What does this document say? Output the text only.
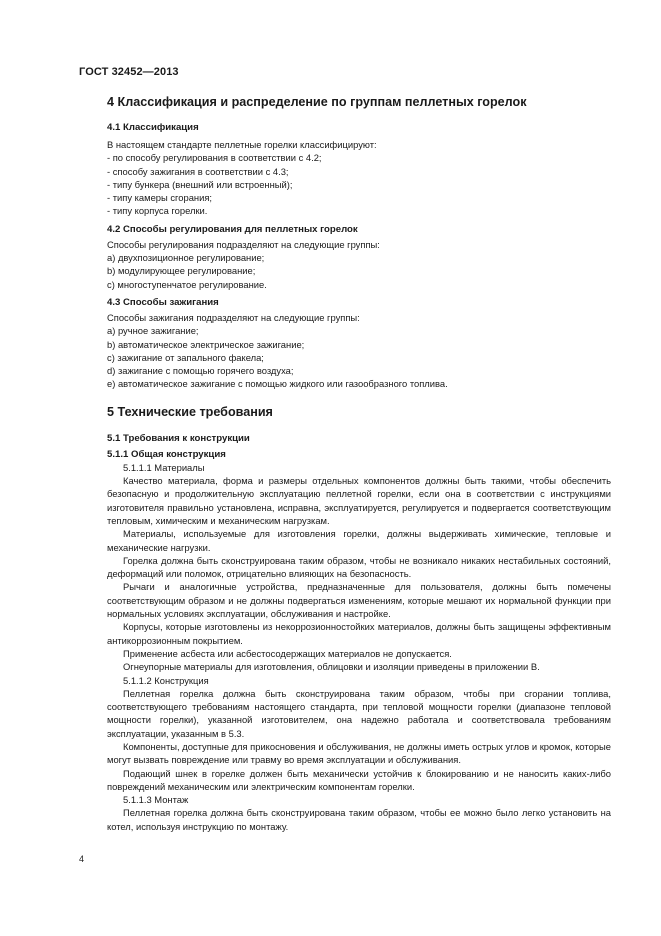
ГОСТ 32452—2013
4 Классификация и распределение по группам пеллетных горелок
4.1 Классификация

В настоящем стандарте пеллетные горелки классифицируют:

- по способу регулирования в соответствии с 4.2;

- способу зажигания в соответствии с 4.3;

- типу бункера (внешний или встроенный);

- типу камеры сгорания;

- типу корпуса горелки.

4.2 Способы регулирования для пеллетных горелок

Способы регулирования подразделяют на следующие группы:

a) двухпозиционное регулирование;

b) модулирующее регулирование;

c) многоступенчатое регулирование.

4.3 Способы зажигания

Способы зажигания подразделяют на следующие группы:

a) ручное зажигание;

b) автоматическое электрическое зажигание;

c) зажигание от запального факела;

d) зажигание с помощью горячего воздуха;

e) автоматическое зажигание с помощью жидкого или газообразного топлива.

5 Технические требования
5.1 Требования к конструкции
5.1.1 Общая конструкция

5.1.1.1 Материалы

Качество материала, форма и размеры отдельных компонентов должны быть такими, чтобы обеспечить безопасную и продолжительную эксплуатацию пеллетной горелки, если она в соответствии с инструкциями изготовителя правильно установлена, исправна, эксплуатируется, регулируется и подвергается соответствующим тепловым, химическим и механическим нагрузкам.

Материалы, используемые для изготовления горелки, должны выдерживать химические, тепловые и механические нагрузки.

Горелка должна быть сконструирована таким образом, чтобы не возникало никаких нестабильных состояний, деформаций или поломок, отрицательно влияющих на безопасность.

Рычаги и аналогичные устройства, предназначенные для пользователя, должны быть помечены соответствующим образом и не должны подвергаться изменениям, которые мешают их нормальной функции при нормальных условиях эксплуатации, обслуживания и настройке.

Корпусы, которые изготовлены из некоррозионностойких материалов, должны быть защищены эффективным антикоррозионным покрытием.

Применение асбеста или асбестосодержащих материалов не допускается.

Огнеупорные материалы для изготовления, облицовки и изоляции приведены в приложении В.

5.1.1.2 Конструкция

Пеллетная горелка должна быть сконструирована таким образом, чтобы при сгорании топлива, соответствующего требованиям настоящего стандарта, при тепловой мощности горелки (диапазоне тепловой мощности горелки), указанной изготовителем, она надежно работала и соответствовала требованиям эксплуатации, указанным в 5.3.

Компоненты, доступные для прикосновения и обслуживания, не должны иметь острых углов и кромок, которые могут вызвать повреждение или травму во время эксплуатации и обслуживания.

Подающий шнек в горелке должен быть механически устойчив к блокированию и не наносить каких-либо повреждений механическим или электрическим компонентам горелки.

5.1.1.3 Монтаж

Пеллетная горелка должна быть сконструирована таким образом, чтобы ее можно было легко установить на котел, используя инструкцию по монтажу.

4
